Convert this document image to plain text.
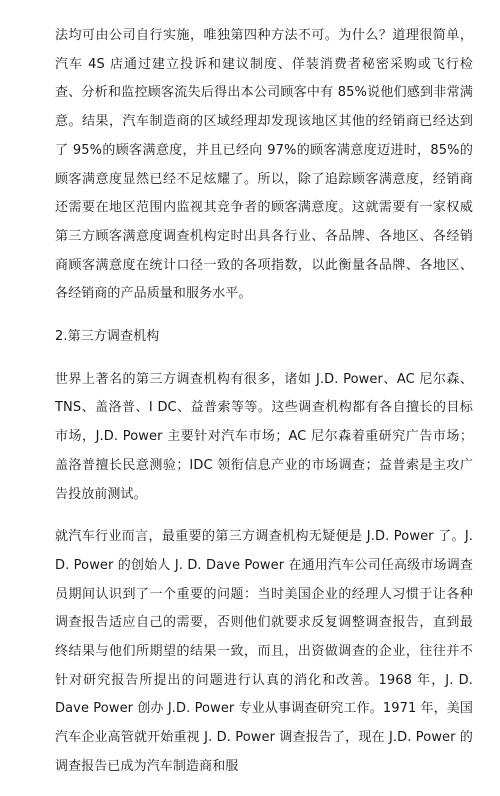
法均可由公司自行实施，唯独第四种方法不可。为什么？道理很简单，汽车 4S 店通过建立投诉和建议制度、佯装消费者秘密采购或飞行检查、分析和监控顾客流失后得出本公司顾客中有 85%说他们感到非常满意。结果，汽车制造商的区域经理却发现该地区其他的经销商已经达到了 95%的顾客满意度，并且已经向 97%的顾客满意度迈进时，85%的顾客满意度显然已经不足炫耀了。所以，除了追踪顾客满意度，经销商还需要在地区范围内监视其竞争者的顾客满意度。这就需要有一家权威第三方顾客满意度调查机构定时出具各行业、各品牌、各地区、各经销商顾客满意度在统计口径一致的各项指数，以此衡量各品牌、各地区、各经销商的产品质量和服务水平。

2.第三方调查机构

世界上著名的第三方调查机构有很多，诸如 J.D. Power、AC 尼尔森、TNS、盖洛普、I DC、益普索等等。这些调查机构都有各自擅长的目标市场，J.D. Power 主要针对汽车市场；AC 尼尔森着重研究广告市场；盖洛普擅长民意测验；IDC 领衔信息产业的市场调查；益普索是主攻广告投放前测试。

就汽车行业而言，最重要的第三方调查机构无疑便是 J.D. Power 了。J. D. Power 的创始人 J. D. Dave Power 在通用汽车公司任高级市场调查员期间认识到了一个重要的问题：当时美国企业的经理人习惯于让各种调查报告适应自己的需要，否则他们就要求反复调整调查报告，直到最终结果与他们所期望的结果一致，而且，出资做调查的企业，往往并不针对研究报告所提出的问题进行认真的消化和改善。1968 年，J. D. Dave Power 创办 J.D. Power 专业从事调查研究工作。1971 年，美国汽车企业高管就开始重视 J. D. Power 调查报告了，现在 J.D. Power 的调查报告已成为汽车制造商和服
